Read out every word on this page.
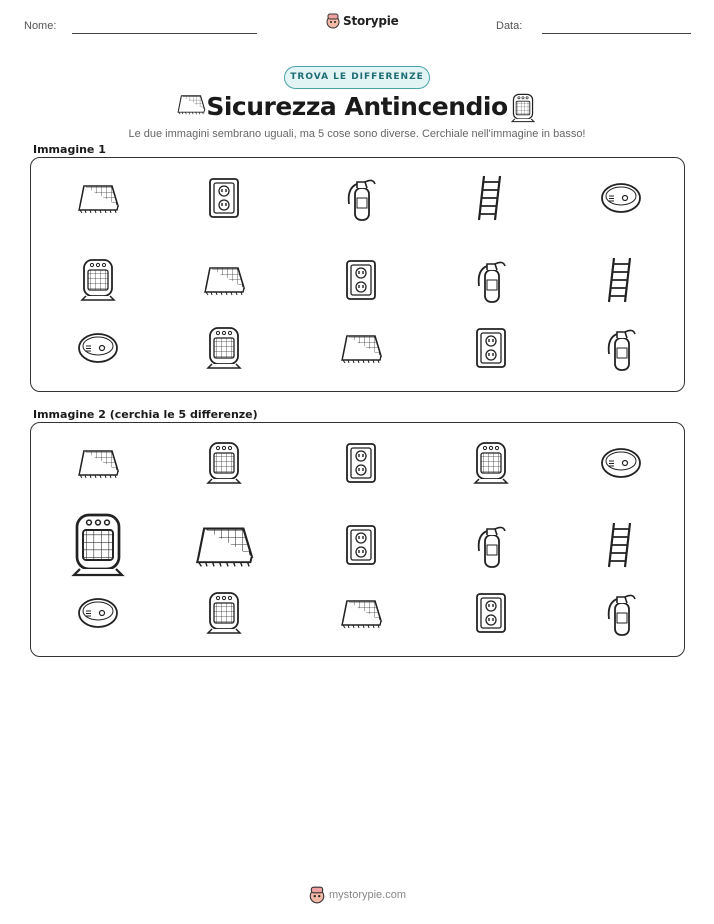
Nome:	Storypie	Data:
TROVA LE DIFFERENZE
Sicurezza Antincendio
Le due immagini sembrano uguali, ma 5 cose sono diverse. Cerchiale nell'immagine in basso!
Immagine 1
Immagine 2 (cerchia le 5 differenze)
mystorypie.com
